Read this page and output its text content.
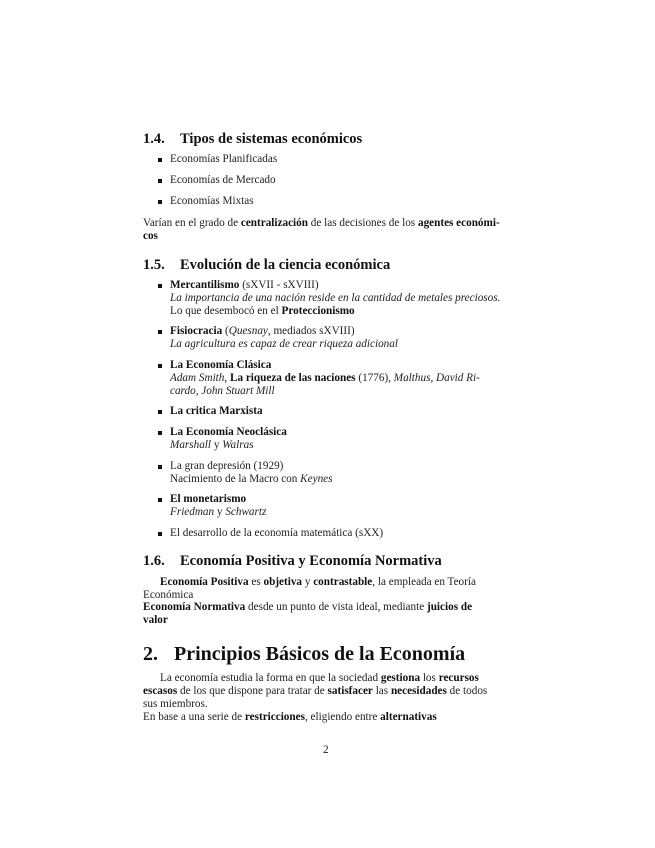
1.4. Tipos de sistemas económicos
Economías Planificadas
Economías de Mercado
Economías Mixtas
Varían en el grado de centralización de las decisiones de los agentes económi-
cos
1.5. Evolución de la ciencia económica
Mercantilismo (sXVII - sXVIII)
La importancia de una nación reside en la cantidad de metales preciosos.
Lo que desembocó en el Proteccionismo
Fisiocracia (Quesnay, mediados sXVIII)
La agricultura es capaz de crear riqueza adicional
La Economía Clásica
Adam Smith, La riqueza de las naciones (1776), Malthus, David Ri-
cardo, John Stuart Mill
La critica Marxista
La Economía Neoclásica
Marshall y Walras
La gran depresión (1929)
Nacimiento de la Macro con Keynes
El monetarismo
Friedman y Schwartz
El desarrollo de la economía matemática (sXX)
1.6. Economía Positiva y Economía Normativa
Economía Positiva es objetiva y contrastable, la empleada en Teoría
Económica
Economía Normativa desde un punto de vista ideal, mediante juicios de
valor
2. Principios Básicos de la Economía
La economía estudia la forma en que la sociedad gestiona los recursos
escasos de los que dispone para tratar de satisfacer las necesidades de todos
sus miembros.
En base a una serie de restricciones, eligiendo entre alternativas
2
